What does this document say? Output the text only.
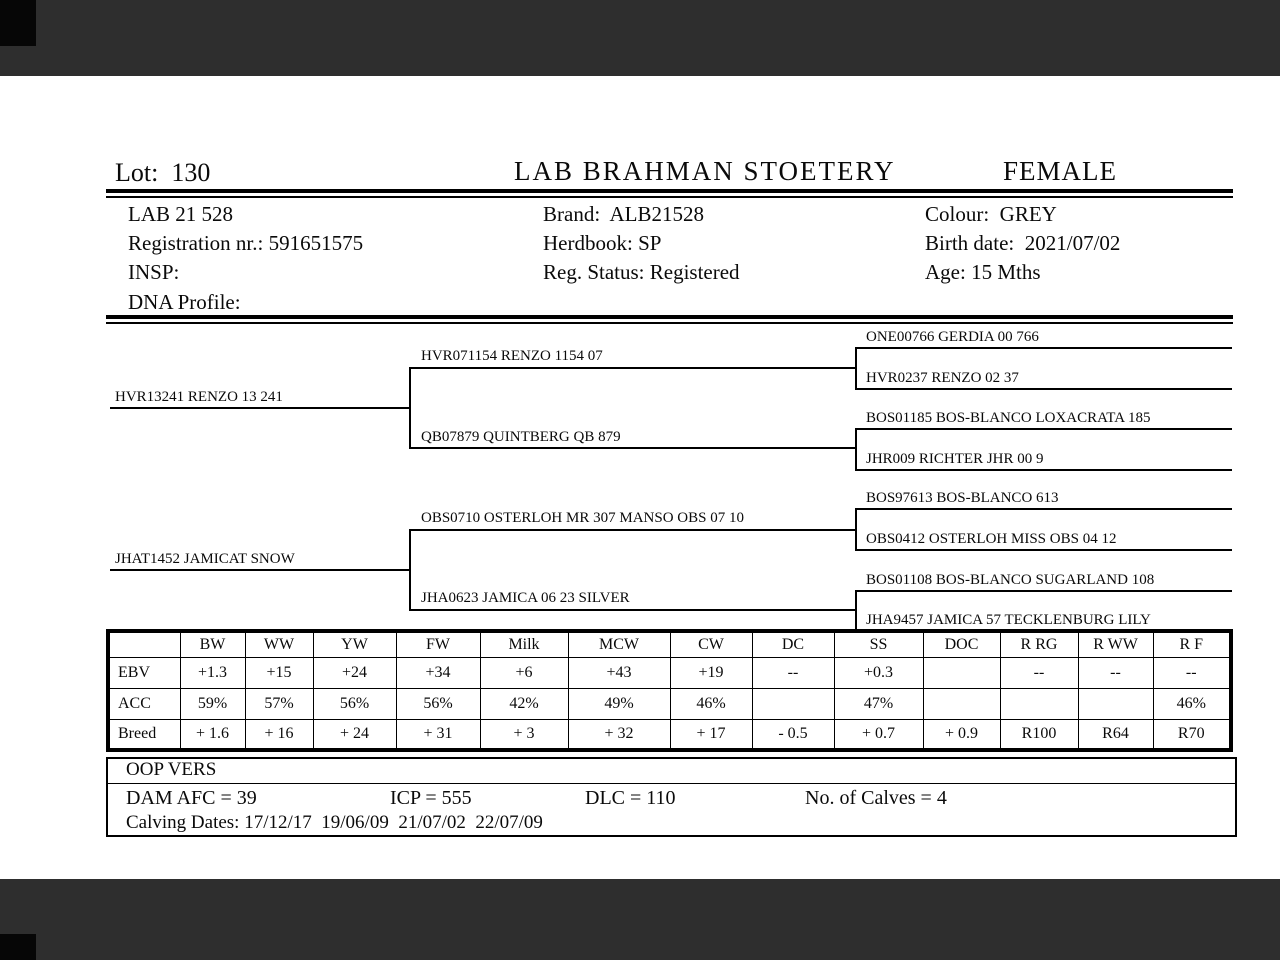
Lot:  130	LAB BRAHMAN STOETERY	FEMALE
LAB 21 528
Registration nr.: 591651575
INSP:
DNA Profile:
Brand:  ALB21528
Herdbook: SP
Reg. Status: Registered
Colour:  GREY
Birth date:  2021/07/02
Age: 15 Mths
HVR13241 RENZO 13 241
JHAT1452 JAMICAT SNOW
HVR071154 RENZO 1154 07
QB07879 QUINTBERG QB 879
OBS0710 OSTERLOH MR 307 MANSO OBS 07 10
JHA0623 JAMICA 06 23 SILVER
ONE00766 GERDIA 00 766
HVR0237 RENZO 02 37
BOS01185 BOS-BLANCO LOXACRATA 185
JHR009 RICHTER JHR 00 9
BOS97613 BOS-BLANCO 613
OBS0412 OSTERLOH MISS OBS 04 12
BOS01108 BOS-BLANCO SUGARLAND 108
JHA9457 JAMICA 57 TECKLENBURG LILY
	BW	WW	YW	FW	Milk	MCW	CW	DC	SS	DOC	R RG	R WW	R F
EBV	+1.3	+15	+24	+34	+6	+43	+19	--	+0.3		--	--	--
ACC	59%	57%	56%	56%	42%	49%	46%		47%				46%
Breed	+ 1.6	+ 16	+ 24	+ 31	+ 3	+ 32	+ 17	- 0.5	+ 0.7	+ 0.9	R100	R64	R70
OOP VERS
DAM AFC = 39	ICP = 555	DLC = 110	No. of Calves = 4
Calving Dates: 17/12/17  19/06/09  21/07/02  22/07/09
